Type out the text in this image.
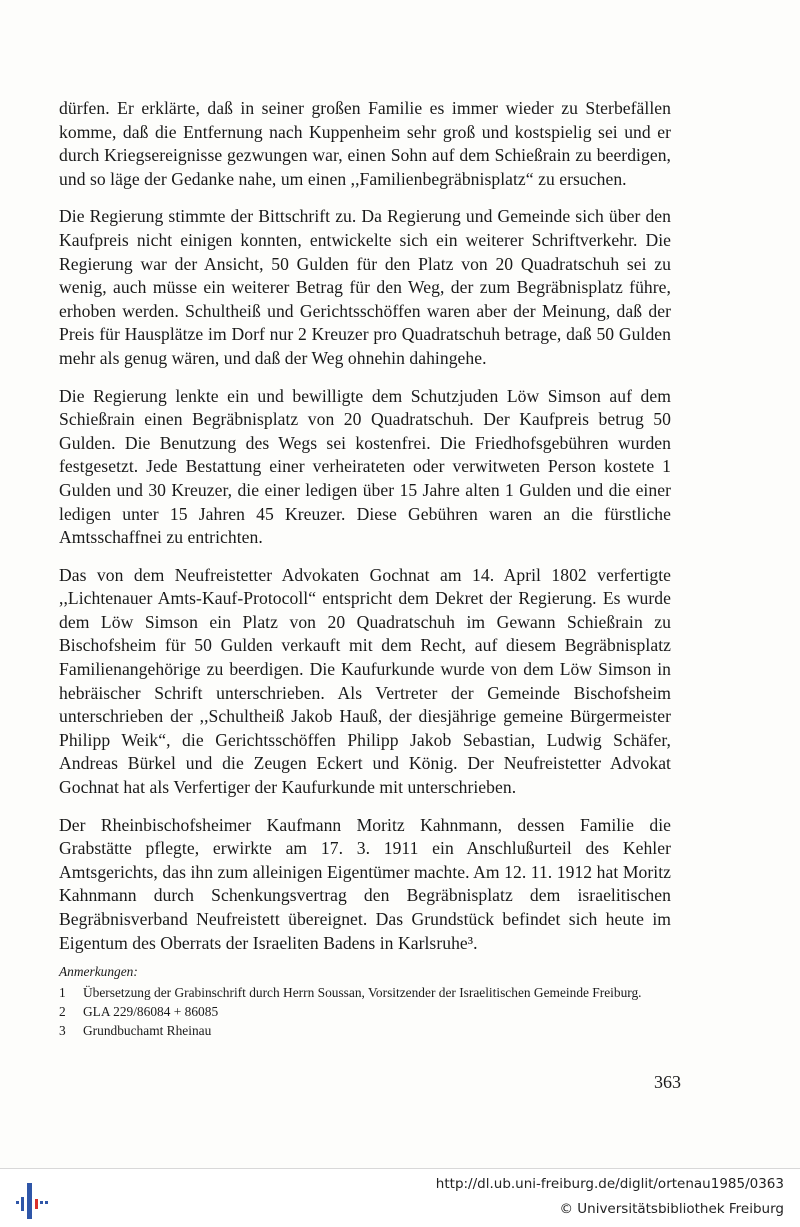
dürfen. Er erklärte, daß in seiner großen Familie es immer wieder zu Sterbefällen komme, daß die Entfernung nach Kuppenheim sehr groß und kostspielig sei und er durch Kriegsereignisse gezwungen war, einen Sohn auf dem Schießrain zu beerdigen, und so läge der Gedanke nahe, um einen ,,Familienbegräbnisplatz“ zu ersuchen.

Die Regierung stimmte der Bittschrift zu. Da Regierung und Gemeinde sich über den Kaufpreis nicht einigen konnten, entwickelte sich ein weiterer Schriftverkehr. Die Regierung war der Ansicht, 50 Gulden für den Platz von 20 Quadratschuh sei zu wenig, auch müsse ein weiterer Betrag für den Weg, der zum Begräbnisplatz führe, erhoben werden. Schultheiß und Gerichtsschöffen waren aber der Meinung, daß der Preis für Hausplätze im Dorf nur 2 Kreuzer pro Quadratschuh betrage, daß 50 Gulden mehr als genug wären, und daß der Weg ohnehin dahingehe.

Die Regierung lenkte ein und bewilligte dem Schutzjuden Löw Simson auf dem Schießrain einen Begräbnisplatz von 20 Quadratschuh. Der Kaufpreis betrug 50 Gulden. Die Benutzung des Wegs sei kostenfrei. Die Friedhofsgebühren wurden festgesetzt. Jede Bestattung einer verheirateten oder verwitweten Person kostete 1 Gulden und 30 Kreuzer, die einer ledigen über 15 Jahre alten 1 Gulden und die einer ledigen unter 15 Jahren 45 Kreuzer. Diese Gebühren waren an die fürstliche Amtsschaffnei zu entrichten.

Das von dem Neufreistetter Advokaten Gochnat am 14. April 1802 verfertigte ,,Lichtenauer Amts-Kauf-Protocoll“ entspricht dem Dekret der Regierung. Es wurde dem Löw Simson ein Platz von 20 Quadratschuh im Gewann Schießrain zu Bischofsheim für 50 Gulden verkauft mit dem Recht, auf diesem Begräbnisplatz Familienangehörige zu beerdigen. Die Kaufurkunde wurde von dem Löw Simson in hebräischer Schrift unterschrieben. Als Vertreter der Gemeinde Bischofsheim unterschrieben der ,,Schultheiß Jakob Hauß, der diesjährige gemeine Bürgermeister Philipp Weik“, die Gerichtsschöffen Philipp Jakob Sebastian, Ludwig Schäfer, Andreas Bürkel und die Zeugen Eckert und König. Der Neufreistetter Advokat Gochnat hat als Verfertiger der Kaufurkunde mit unterschrieben.

Der Rheinbischofsheimer Kaufmann Moritz Kahnmann, dessen Familie die Grabstätte pflegte, erwirkte am 17. 3. 1911 ein Anschlußurteil des Kehler Amtsgerichts, das ihn zum alleinigen Eigentümer machte. Am 12. 11. 1912 hat Moritz Kahnmann durch Schenkungsvertrag den Begräbnisplatz dem israelitischen Begräbnisverband Neufreistett übereignet. Das Grundstück befindet sich heute im Eigentum des Oberrats der Israeliten Badens in Karlsruhe³.

Anmerkungen:

1	Übersetzung der Grabinschrift durch Herrn Soussan, Vorsitzender der Israelitischen Gemeinde Freiburg.
2	GLA 229/86084 + 86085
3	Grundbuchamt Rheinau
363
http://dl.ub.uni-freiburg.de/diglit/ortenau1985/0363
© Universitätsbibliothek Freiburg
